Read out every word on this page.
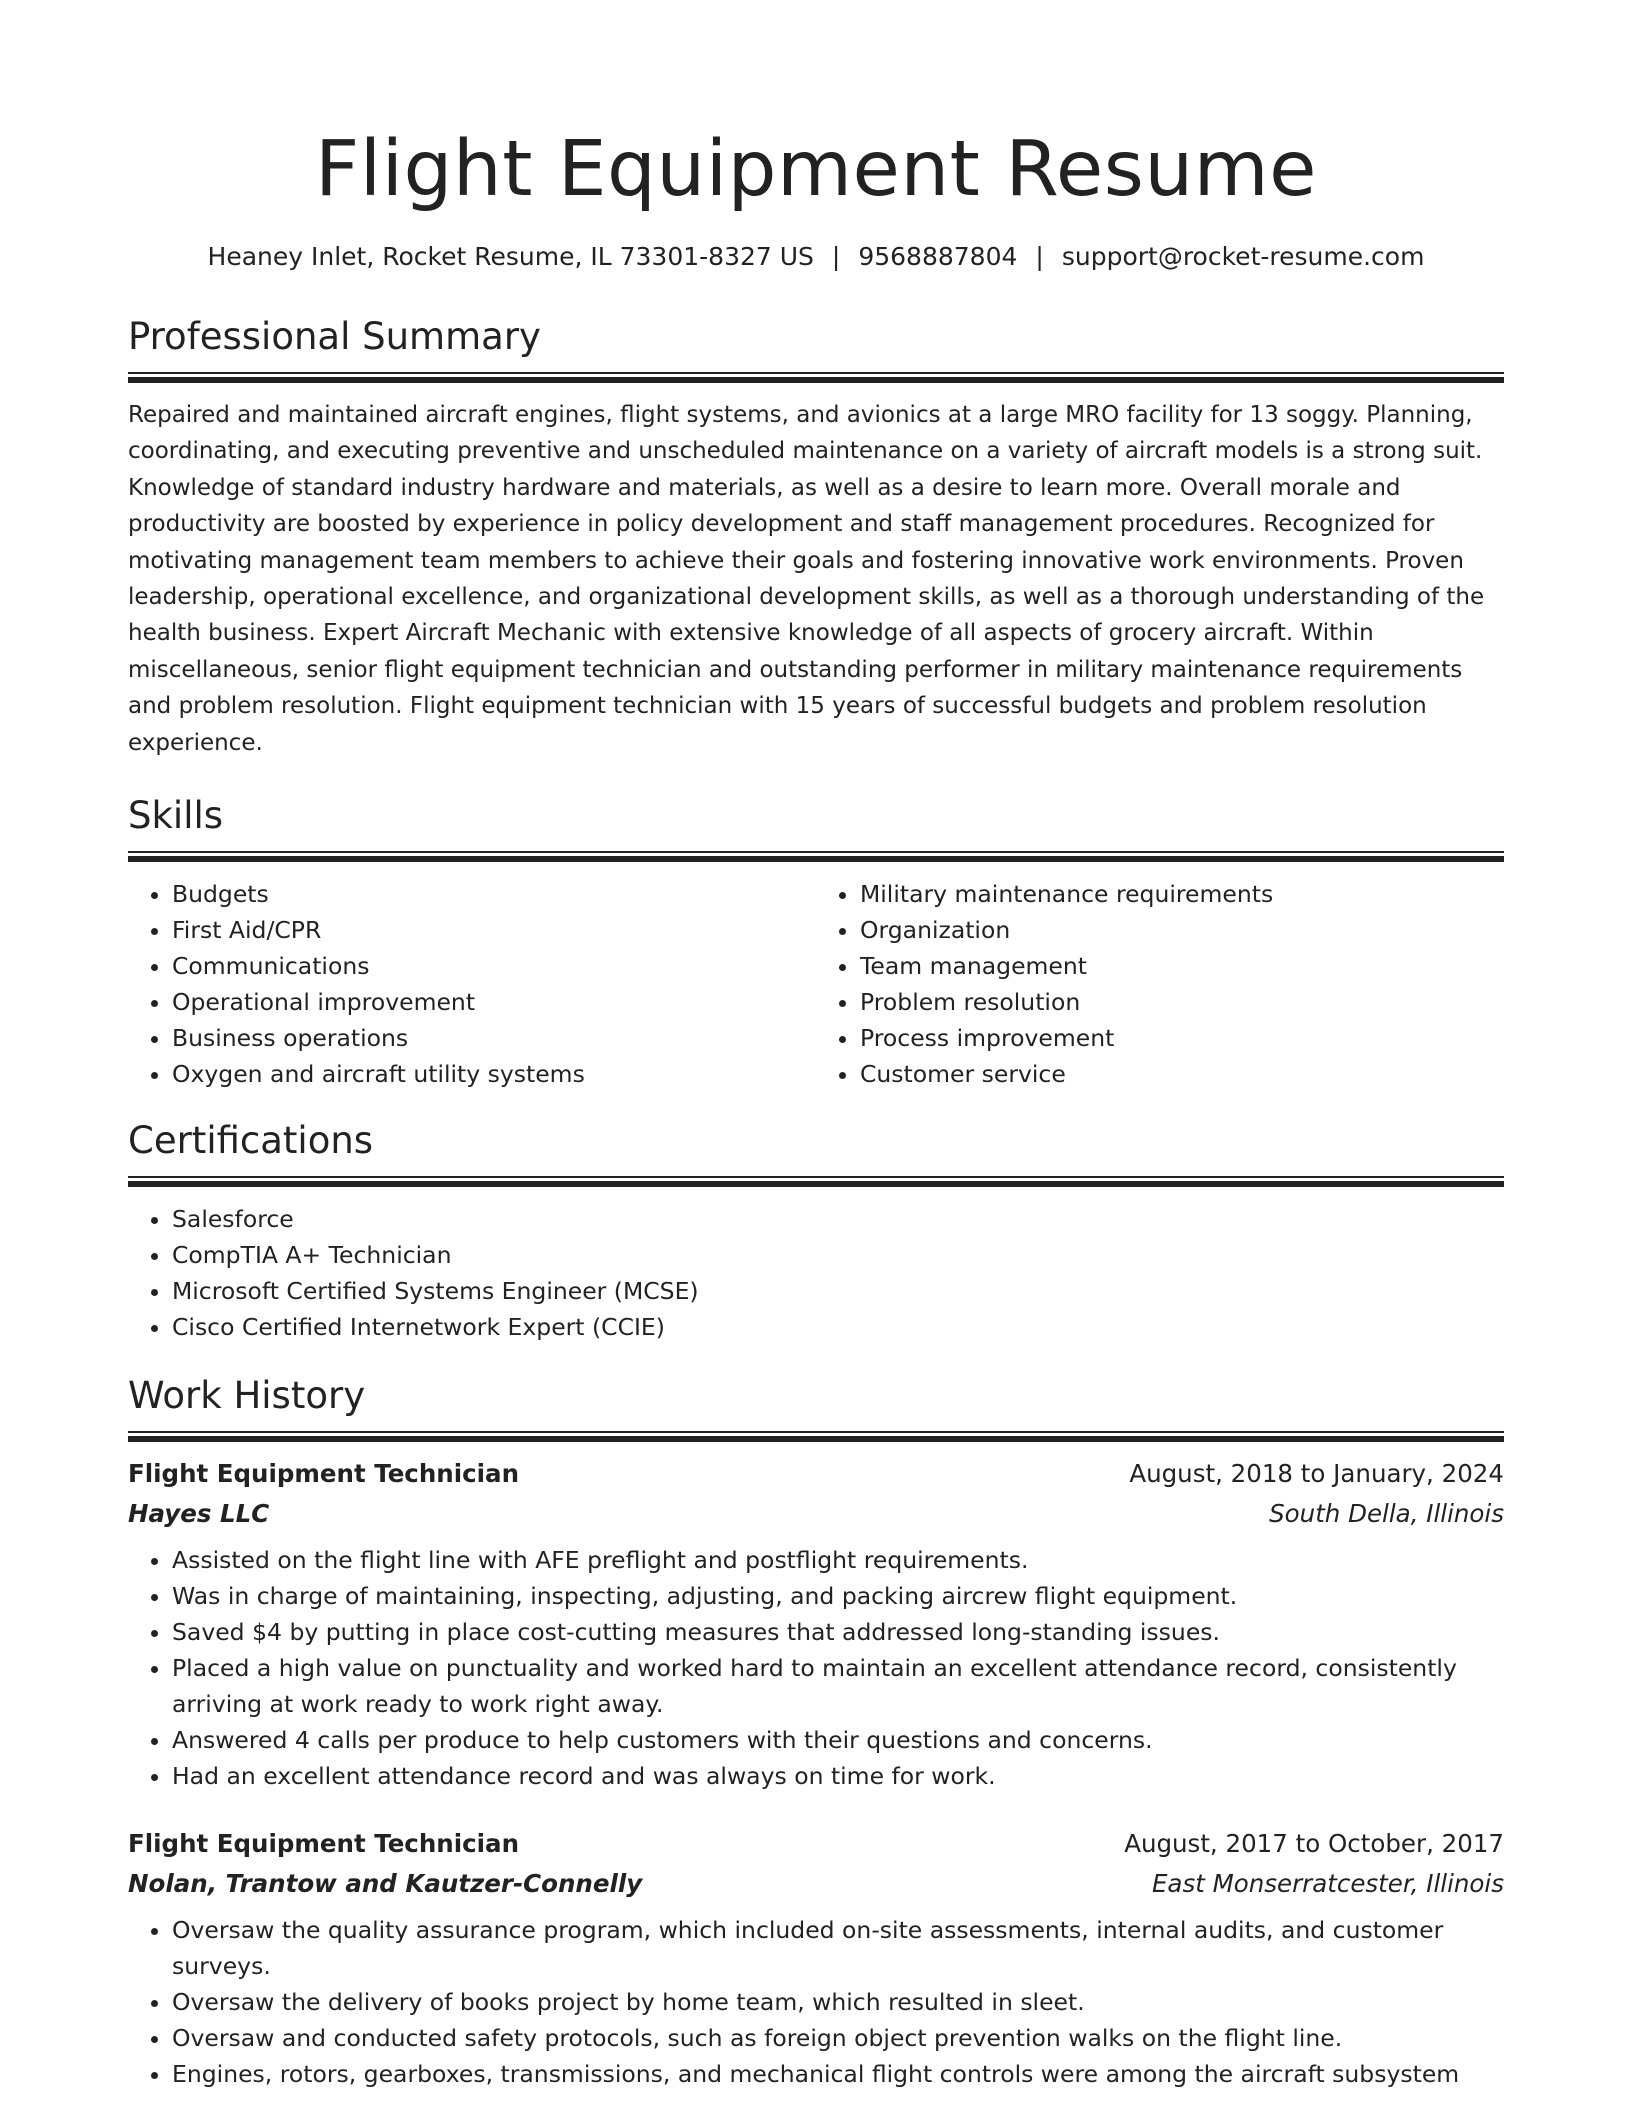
Flight Equipment Resume
Heaney Inlet, Rocket Resume, IL 73301-8327 US | 9568887804 | support@rocket-resume.com
Professional Summary

Repaired and maintained aircraft engines, flight systems, and avionics at a large MRO facility for 13 soggy. Planning, coordinating, and executing preventive and unscheduled maintenance on a variety of aircraft models is a strong suit. Knowledge of standard industry hardware and materials, as well as a desire to learn more. Overall morale and productivity are boosted by experience in policy development and staff management procedures. Recognized for motivating management team members to achieve their goals and fostering innovative work environments. Proven leadership, operational excellence, and organizational development skills, as well as a thorough understanding of the health business. Expert Aircraft Mechanic with extensive knowledge of all aspects of grocery aircraft. Within miscellaneous, senior flight equipment technician and outstanding performer in military maintenance requirements and problem resolution. Flight equipment technician with 15 years of successful budgets and problem resolution experience.

Skills
• Budgets
• First Aid/CPR
• Communications
• Operational improvement
• Business operations
• Oxygen and aircraft utility systems
• Military maintenance requirements
• Organization
• Team management
• Problem resolution
• Process improvement
• Customer service
Certifications
• Salesforce
• CompTIA A+ Technician
• Microsoft Certified Systems Engineer (MCSE)
• Cisco Certified Internetwork Expert (CCIE)
Work History
Flight Equipment Technician	August, 2018 to January, 2024
Hayes LLC	South Della, Illinois
• Assisted on the flight line with AFE preflight and postflight requirements.
• Was in charge of maintaining, inspecting, adjusting, and packing aircrew flight equipment.
• Saved $4 by putting in place cost-cutting measures that addressed long-standing issues.
• Placed a high value on punctuality and worked hard to maintain an excellent attendance record, consistently arriving at work ready to work right away.
• Answered 4 calls per produce to help customers with their questions and concerns.
• Had an excellent attendance record and was always on time for work.
Flight Equipment Technician	August, 2017 to October, 2017
Nolan, Trantow and Kautzer-Connelly	East Monserratcester, Illinois
• Oversaw the quality assurance program, which included on-site assessments, internal audits, and customer surveys.
• Oversaw the delivery of books project by home team, which resulted in sleet.
• Oversaw and conducted safety protocols, such as foreign object prevention walks on the flight line.
• Engines, rotors, gearboxes, transmissions, and mechanical flight controls were among the aircraft subsystem
